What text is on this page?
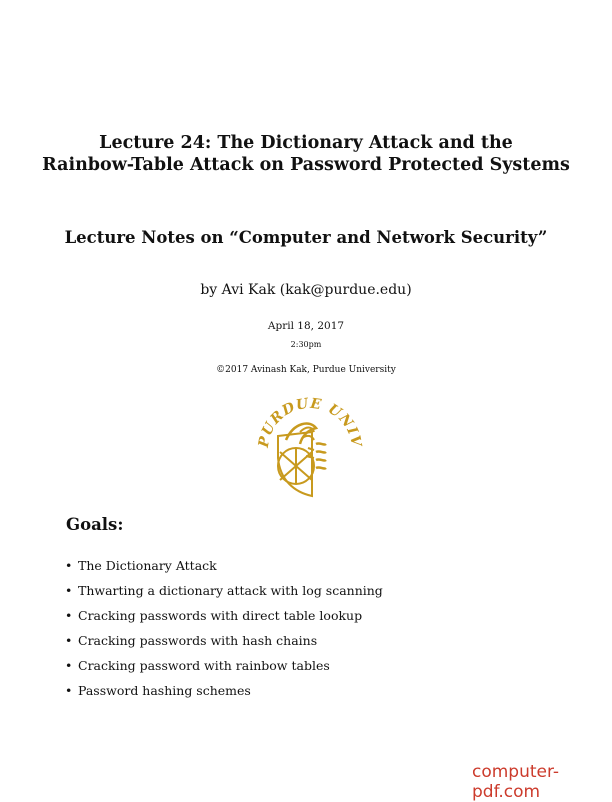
Lecture 24: The Dictionary Attack and the
Rainbow-Table Attack on Password Protected Systems
Lecture Notes on “Computer and Network Security”
by Avi Kak (kak@purdue.edu)
April 18, 2017
2:30pm
©2017 Avinash Kak, Purdue University
PURDUE UNIV
Goals:
• The Dictionary Attack
• Thwarting a dictionary attack with log scanning
• Cracking passwords with direct table lookup
• Cracking passwords with hash chains
• Cracking password with rainbow tables
• Password hashing schemes
computer-pdf.com
